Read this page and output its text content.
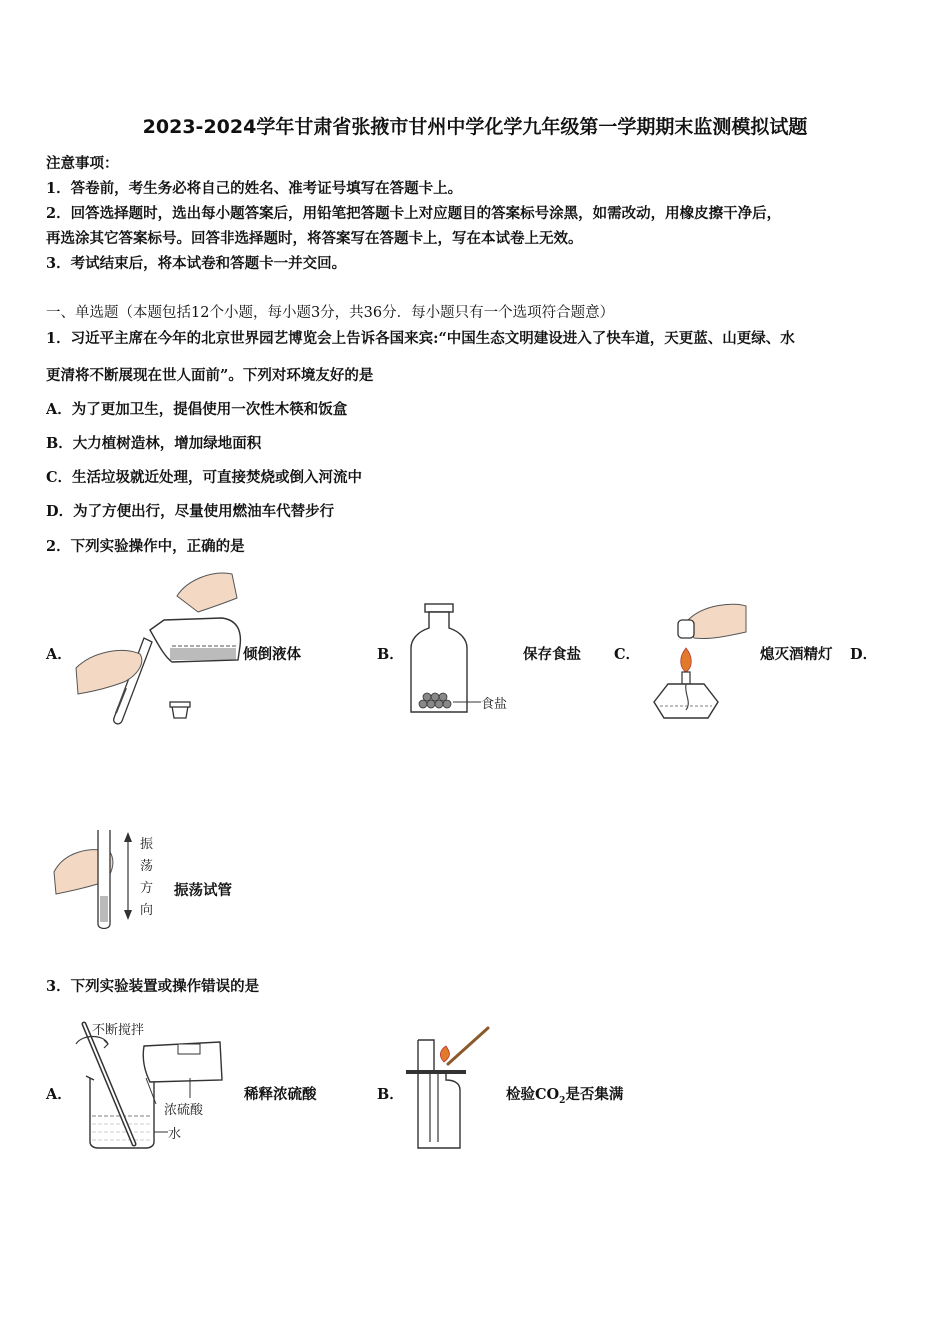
2023-2024学年甘肃省张掖市甘州中学化学九年级第一学期期末监测模拟试题
注意事项：
1．答卷前，考生务必将自己的姓名、准考证号填写在答题卡上。
2．回答选择题时，选出每小题答案后，用铅笔把答题卡上对应题目的答案标号涂黑，如需改动，用橡皮擦干净后，
再选涂其它答案标号。回答非选择题时，将答案写在答题卡上，写在本试卷上无效。
3．考试结束后，将本试卷和答题卡一并交回。
一、单选题（本题包括12个小题，每小题3分，共36分．每小题只有一个选项符合题意）
1．习近平主席在今年的北京世界园艺博览会上告诉各国来宾:“中国生态文明建设进入了快车道，天更蓝、山更绿、水
更清将不断展现在世人面前”。下列对环境友好的是
A．为了更加卫生，提倡使用一次性木筷和饭盒
B．大力植树造林，增加绿地面积
C．生活垃圾就近处理，可直接焚烧或倒入河流中
D．为了方便出行，尽量使用燃油车代替步行
2．下列实验操作中，正确的是
A．	倾倒液体	B．
食盐
保存食盐 C．	熄灭酒精灯 D．
振
荡
方
向
振荡试管
3．下列实验装置或操作错误的是
A．
不断搅拌
浓硫酸
水
稀释浓硫酸	B．	检验$CO_2$是否集满
